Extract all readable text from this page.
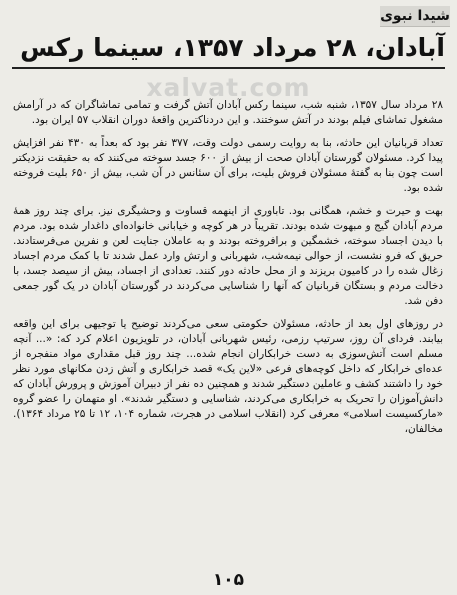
شیدا نبوی
آبادان، ۲۸ مرداد ۱۳۵۷، سینما رکس
xalvat.com

۲۸ مرداد سال ۱۳۵۷، شنبه شب، سینما رکس آبادان آتش گرفت و تمامی تماشاگران که در آرامش مشغول تماشای فیلم بودند در آتش سوختند. و این دردناکترین واقعهٔ دوران انقلاب ۵۷ ایران بود.

تعداد قربانیان این حادثه، بنا به روایت رسمی دولت وقت، ۳۷۷ نفر بود که بعداً به ۴۳۰ نفر افزایش پیدا کرد. مسئولان گورستان آبادان صحت از بیش از ۶۰۰ جسد سوخته می‌کنند که به حقیقت نزدیکتر است چون بنا به گفتهٔ مسئولان فروش بلیت، برای آن سئانس در آن شب، بیش از ۶۵۰ بلیت فروخته شده بود.

بهت و حیرت و خشم، همگانی بود. تاباوری از اینهمه قساوت و وحشیگری نیز. برای چند روز همهٔ مردم آبادان گیج و مبهوت شده بودند. تقریباً در هر کوچه و خیابانی خانواده‌ای داغدار شده بود. مردم با دیدن اجساد سوخته، خشمگین و برافروخته بودند و به عاملان جنایت لعن و نفرین می‌فرستادند. حریق که فرو نشست، از حوالی نیمه‌شب، شهربانی و ارتش وارد عمل شدند تا با کمک مردم اجساد زغال شده را در کامیون بریزند و از محل حادثه دور کنند. تعدادی از اجساد، بیش از سیصد جسد، با دخالت مردم و بستگان قربانیان که آنها را شناسایی می‌کردند در گورستان آبادان در یک گور جمعی دفن شد.

در روزهای اول بعد از حادثه، مسئولان حکومتی سعی می‌کردند توضیح یا توجیهی برای این واقعه بیابند. فردای آن روز، سرتیپ رزمی، رئیس شهربانی آبادان، در تلویزیون اعلام کرد که: «... آنچه مسلم است آتش‌سوزی به دست خرابکاران انجام شده... چند روز قبل مقداری مواد منفجره از عده‌ای خرابکار که داخل کوچه‌های فرعی «لاین یک» قصد خرابکاری و آتش زدن مکانهای مورد نظر خود را داشتند کشف و عاملین دستگیر شدند و همچنین ده نفر از دبیران آموزش و پرورش آبادان که دانش‌آموزان را تحریک به خرابکاری می‌کردند، شناسایی و دستگیر شدند». او متهمان را عضو گروه «مارکسیست اسلامی» معرفی کرد (انقلاب اسلامی در هجرت، شماره ۱۰۴، ۱۲ تا ۲۵ مرداد ۱۳۶۴). مخالفان،

۱۰۵
